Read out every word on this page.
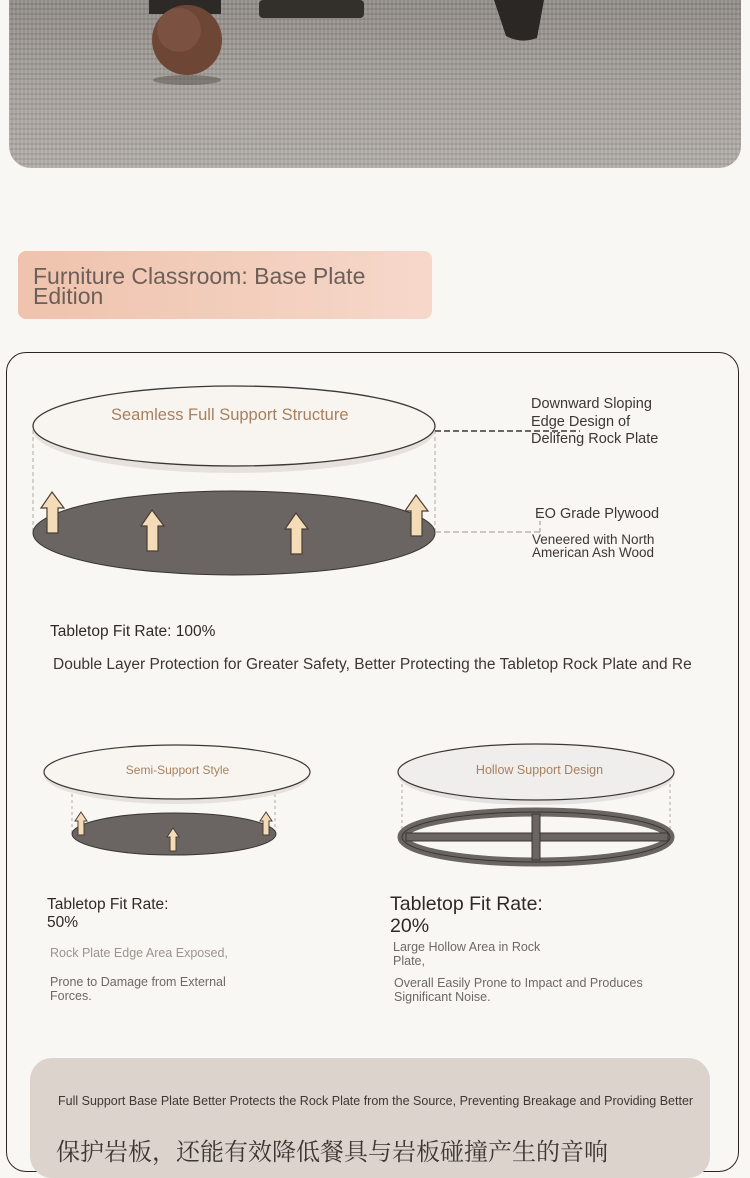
Furniture Classroom: Base Plate Edition
Seamless Full Support Structure
Downward Sloping Edge Design of Delifeng Rock Plate
EO Grade Plywood
Veneered with North American Ash Wood
Tabletop Fit Rate: 100%
Double Layer Protection for Greater Safety, Better Protecting the Tabletop Rock Plate and Re
Semi-Support Style	Hollow Support Design
Tabletop Fit Rate: 50%
Rock Plate Edge Area Exposed,
Prone to Damage from External Forces.
Tabletop Fit Rate: 20%
Large Hollow Area in Rock Plate,
Overall Easily Prone to Impact and Produces Significant Noise.
Full Support Base Plate Better Protects the Rock Plate from the Source, Preventing Breakage and Providing Better
保护岩板，还能有效降低餐具与岩板碰撞产生的音响
